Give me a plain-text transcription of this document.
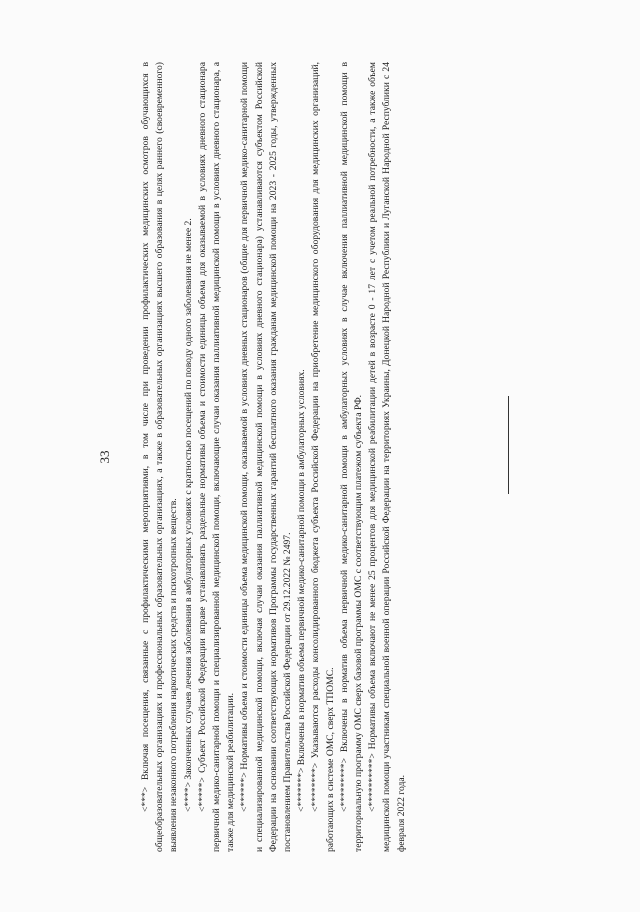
33	<***> Включая посещения, связанные с профилактическими мероприятиями, в том числе при проведении профилактических медицинских осмотров обучающихся в общеобразовательных организациях и профессиональных образовательных организациях, а также в образовательных организациях высшего образования в целях раннего (своевременного) выявления незаконного потребления наркотических средств и психотропных веществ. <****> Законченных случаев лечения заболевания в амбулаторных условиях с кратностью посещений по поводу одного заболевания не менее 2. <*****> Субъект Российской Федерации вправе устанавливать раздельные нормативы объема и стоимости единицы объема для оказываемой в условиях дневного стационара первичной медико-санитарной помощи и специализированной медицинской помощи, включающие случаи оказания паллиативной медицинской помощи в условиях дневного стационара, а также для медицинской реабилитации. <******> Нормативы объема и стоимости единицы объема медицинской помощи, оказываемой в условиях дневных стационаров (общие для первичной медико-санитарной помощи и специализированной медицинской помощи, включая случаи оказания паллиативной медицинской помощи в условиях дневного стационара) устанавливаются субъектом Российской Федерации на основании соответствующих нормативов Программы государственных гарантий бесплатного оказания гражданам медицинской помощи на 2023 - 2025 годы, утвержденных постановлением Правительства Российской Федерации от 29.12.2022 № 2497. <*******> Включены в норматив объема первичной медико-санитарной помощи в амбулаторных условиях. <********> Указываются расходы консолидированного бюджета субъекта Российской Федерации на приобретение медицинского оборудования для медицинских организаций, работающих в системе ОМС, сверх ТПОМС. <*********> Включены в норматив объема первичной медико-санитарной помощи в амбулаторных условиях в случае включения паллиативной медицинской помощи в территориальную программу ОМС сверх базовой программы ОМС с соответствующим платежом субъекта РФ. <**********> Нормативы объема включают не менее 25 процентов для медицинской реабилитации детей в возрасте 0 - 17 лет с учетом реальной потребности, а также объем медицинской помощи участникам специальной военной операции Российской Федерации на территориях Украины, Донецкой Народной Республики и Луганской Народной Республики с 24 февраля 2022 года.
